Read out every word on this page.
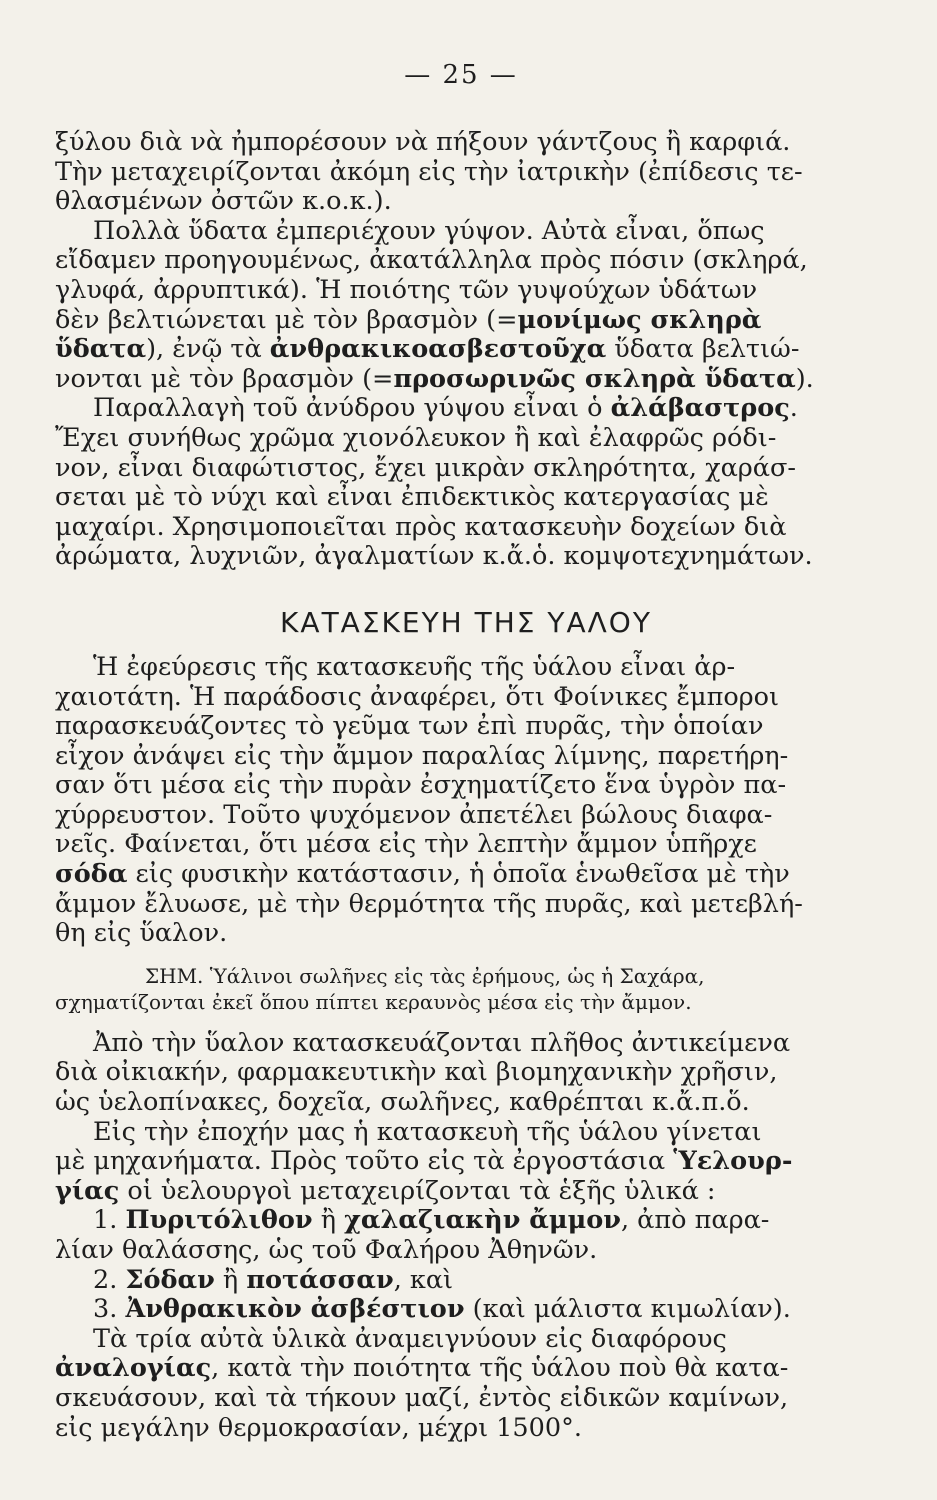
— 25 —
ξύλου διὰ νὰ ἠμπορέσουν νὰ πήξουν γάντζους ἢ καρφιά.
Τὴν μεταχειρίζονται ἀκόμη εἰς τὴν ἰατρικὴν (ἐπίδεσις τε-
θλασμένων ὀστῶν κ.ο.κ.).
Πολλὰ ὕδατα ἐμπεριέχουν γύψον. Αὐτὰ εἶναι, ὅπως
εἴδαμεν προηγουμένως, ἀκατάλληλα πρὸς πόσιν (σκληρά,
γλυφά, ἀρρυπτικά). Ἡ ποιότης τῶν γυψούχων ὑδάτων
δὲν βελτιώνεται μὲ τὸν βρασμὸν (=μονίμως σκληρὰ
ὕδατα), ἐνῷ τὰ ἀνθρακικοασβεστοῦχα ὕδατα βελτιώ-
νονται μὲ τὸν βρασμὸν (=προσωρινῶς σκληρὰ ὕδατα).
Παραλλαγὴ τοῦ ἀνύδρου γύψου εἶναι ὁ ἀλάβαστρος.
Ἔχει συνήθως χρῶμα χιονόλευκον ἢ καὶ ἐλαφρῶς ρόδι-
νον, εἶναι διαφώτιστος, ἔχει μικρὰν σκληρότητα, χαράσ-
σεται μὲ τὸ νύχι καὶ εἶναι ἐπιδεκτικὸς κατεργασίας μὲ
μαχαίρι. Χρησιμοποιεῖται πρὸς κατασκευὴν δοχείων διὰ
ἀρώματα, λυχνιῶν, ἀγαλματίων κ.ἄ.ὁ. κομψοτεχνημάτων.
ΚΑΤΑΣΚΕΥΗ ΤΗΣ ΥΑΛΟΥ
Ἡ ἐφεύρεσις τῆς κατασκευῆς τῆς ὑάλου εἶναι ἀρ-
χαιοτάτη. Ἡ παράδοσις ἀναφέρει, ὅτι Φοίνικες ἔμποροι
παρασκευάζοντες τὸ γεῦμα των ἐπὶ πυρᾶς, τὴν ὁποίαν
εἶχον ἀνάψει εἰς τὴν ἄμμον παραλίας λίμνης, παρετήρη-
σαν ὅτι μέσα εἰς τὴν πυρὰν ἐσχηματίζετο ἕνα ὑγρὸν πα-
χύρρευστον. Τοῦτο ψυχόμενον ἀπετέλει βώλους διαφα-
νεῖς. Φαίνεται, ὅτι μέσα εἰς τὴν λεπτὴν ἄμμον ὑπῆρχε
σόδα εἰς φυσικὴν κατάστασιν, ἡ ὁποῖα ἑνωθεῖσα μὲ τὴν
ἄμμον ἔλυωσε, μὲ τὴν θερμότητα τῆς πυρᾶς, καὶ μετεβλή-
θη εἰς ὕαλον.
ΣΗΜ. Ὑάλινοι σωλῆνες εἰς τὰς ἐρήμους, ὡς ἡ Σαχάρα,
σχηματίζονται ἐκεῖ ὅπου πίπτει κεραυνὸς μέσα εἰς τὴν ἄμμον.
Ἀπὸ τὴν ὕαλον κατασκευάζονται πλῆθος ἀντικείμενα
διὰ οἰκιακήν, φαρμακευτικὴν καὶ βιομηχανικὴν χρῆσιν,
ὡς ὑελοπίνακες, δοχεῖα, σωλῆνες, καθρέπται κ.ἄ.π.ὅ.
Εἰς τὴν ἐποχήν μας ἡ κατασκευὴ τῆς ὑάλου γίνεται
μὲ μηχανήματα. Πρὸς τοῦτο εἰς τὰ ἐργοστάσια Ὑελουρ-
γίας οἱ ὑελουργοὶ μεταχειρίζονται τὰ ἑξῆς ὑλικά :
1. Πυριτόλιθον ἢ χαλαζιακὴν ἄμμον, ἀπὸ παρα-
λίαν θαλάσσης, ὡς τοῦ Φαλήρου Ἀθηνῶν.
2. Σόδαν ἢ ποτάσσαν, καὶ
3. Ἀνθρακικὸν ἀσβέστιον (καὶ μάλιστα κιμωλίαν).
Τὰ τρία αὐτὰ ὑλικὰ ἀναμειγνύουν εἰς διαφόρους
ἀναλογίας, κατὰ τὴν ποιότητα τῆς ὑάλου ποὺ θὰ κατα-
σκευάσουν, καὶ τὰ τήκουν μαζί, ἐντὸς εἰδικῶν καμίνων,
εἰς μεγάλην θερμοκρασίαν, μέχρι 1500°.
